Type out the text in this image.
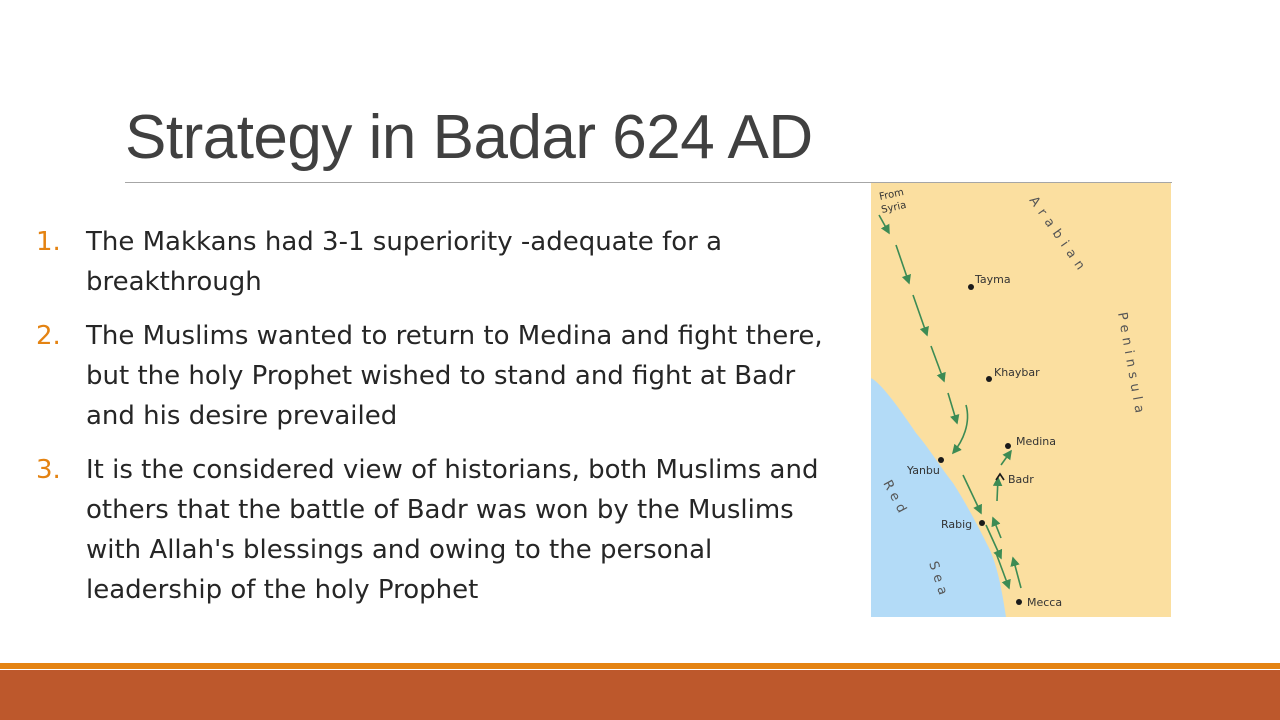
Strategy in Badar 624 AD
1. The Makkans had 3-1 superiority -adequate for a breakthrough
2. The Muslims wanted to return to Medina and fight there, but the holy Prophet wished to stand and fight at Badr and his desire prevailed
3. It is the considered view of historians, both Muslims and others that the battle of Badr was won by the Muslims with Allah's blessings and owing to the personal leadership of the holy Prophet
From
Syria
Tayma
Khaybar
Medina
Badr
Yanbu
Rabig
Mecca
Arabian
Peninsula
Red
Sea
